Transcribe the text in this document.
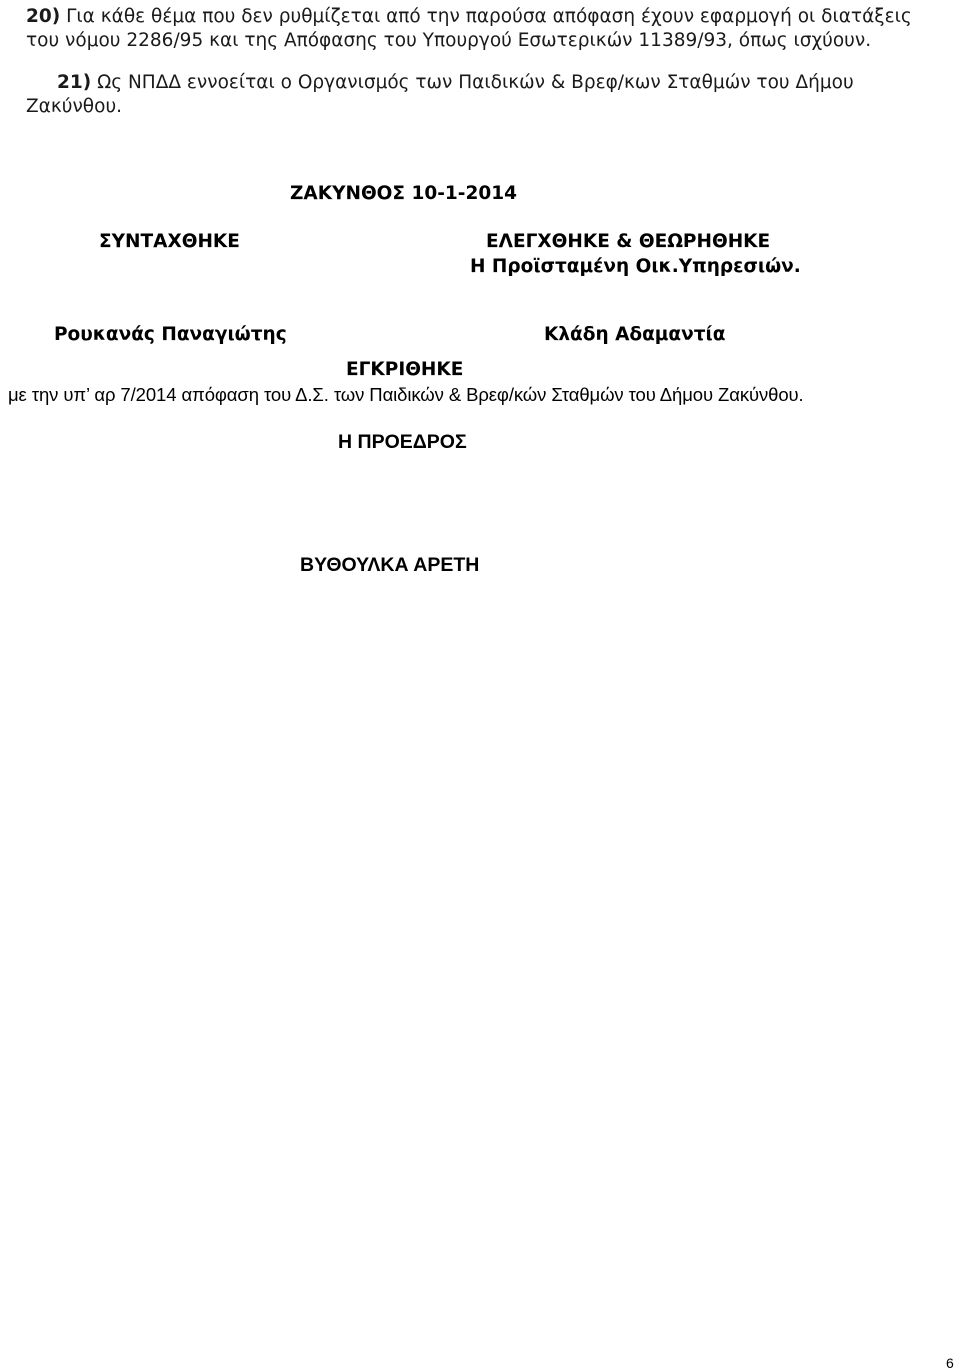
20) Για κάθε θέμα που δεν ρυθμίζεται από την παρούσα απόφαση έχουν εφαρμογή οι διατάξεις
του νόμου 2286/95 και της Απόφασης του Υπουργού Εσωτερικών 11389/93, όπως ισχύουν.
21) Ως ΝΠΔΔ εννοείται ο Οργανισμός των Παιδικών & Βρεφ/κων Σταθμών του Δήμου
Ζακύνθου.
ΖΑΚΥΝΘΟΣ 10-1-2014
ΣΥΝΤΑΧΘΗΚΕ	ΕΛΕΓΧΘΗΚΕ & ΘΕΩΡΗΘΗΚΕ
Η Προϊσταμένη Οικ.Υπηρεσιών.
Ρουκανάς Παναγιώτης	Κλάδη Αδαμαντία
ΕΓΚΡΙΘΗΚΕ
με την υπ’ αρ 7/2014 απόφαση του Δ.Σ. των Παιδικών & Βρεφ/κών Σταθμών του Δήμου Ζακύνθου.
Η ΠΡΟΕΔΡΟΣ
ΒΥΘΟΥΛΚΑ ΑΡΕΤΗ
6
